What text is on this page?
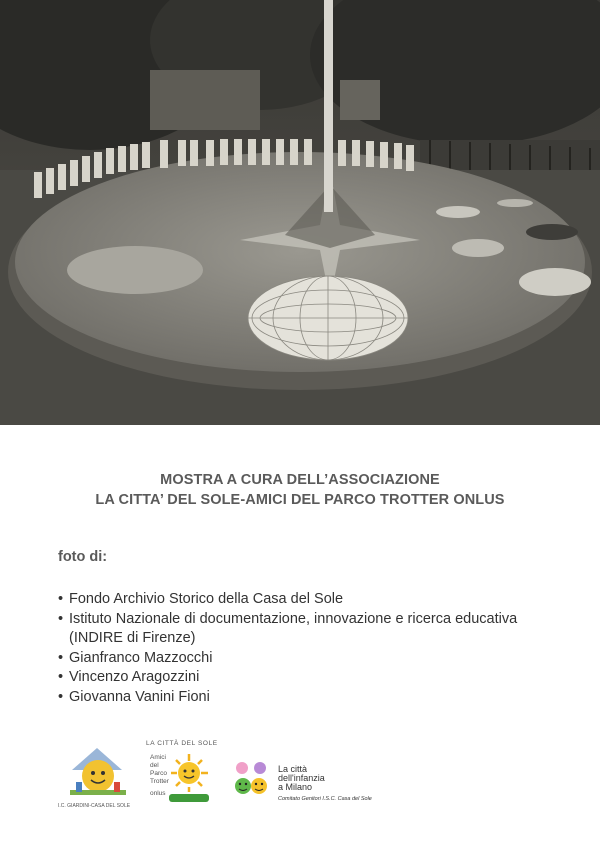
MOSTRA A CURA DELL’ASSOCIAZIONE
LA CITTA’ DEL SOLE-AMICI DEL PARCO TROTTER ONLUS
foto di:
• Fondo Archivio Storico della Casa del Sole
• Istituto Nazionale di documentazione, innovazione e ricerca educativa (INDIRE di Firenze)
• Gianfranco Mazzocchi
• Vincenzo Aragozzini
• Giovanna Vanini Fioni
I.C. GIARDINI-CASA DEL SOLE
LA CITTÀ DEL SOLE
Amici
del
Parco
Trotter
onlus
La città
dell'infanzia
a Milano
Comitato Genitori I.S.C. Casa del Sole
